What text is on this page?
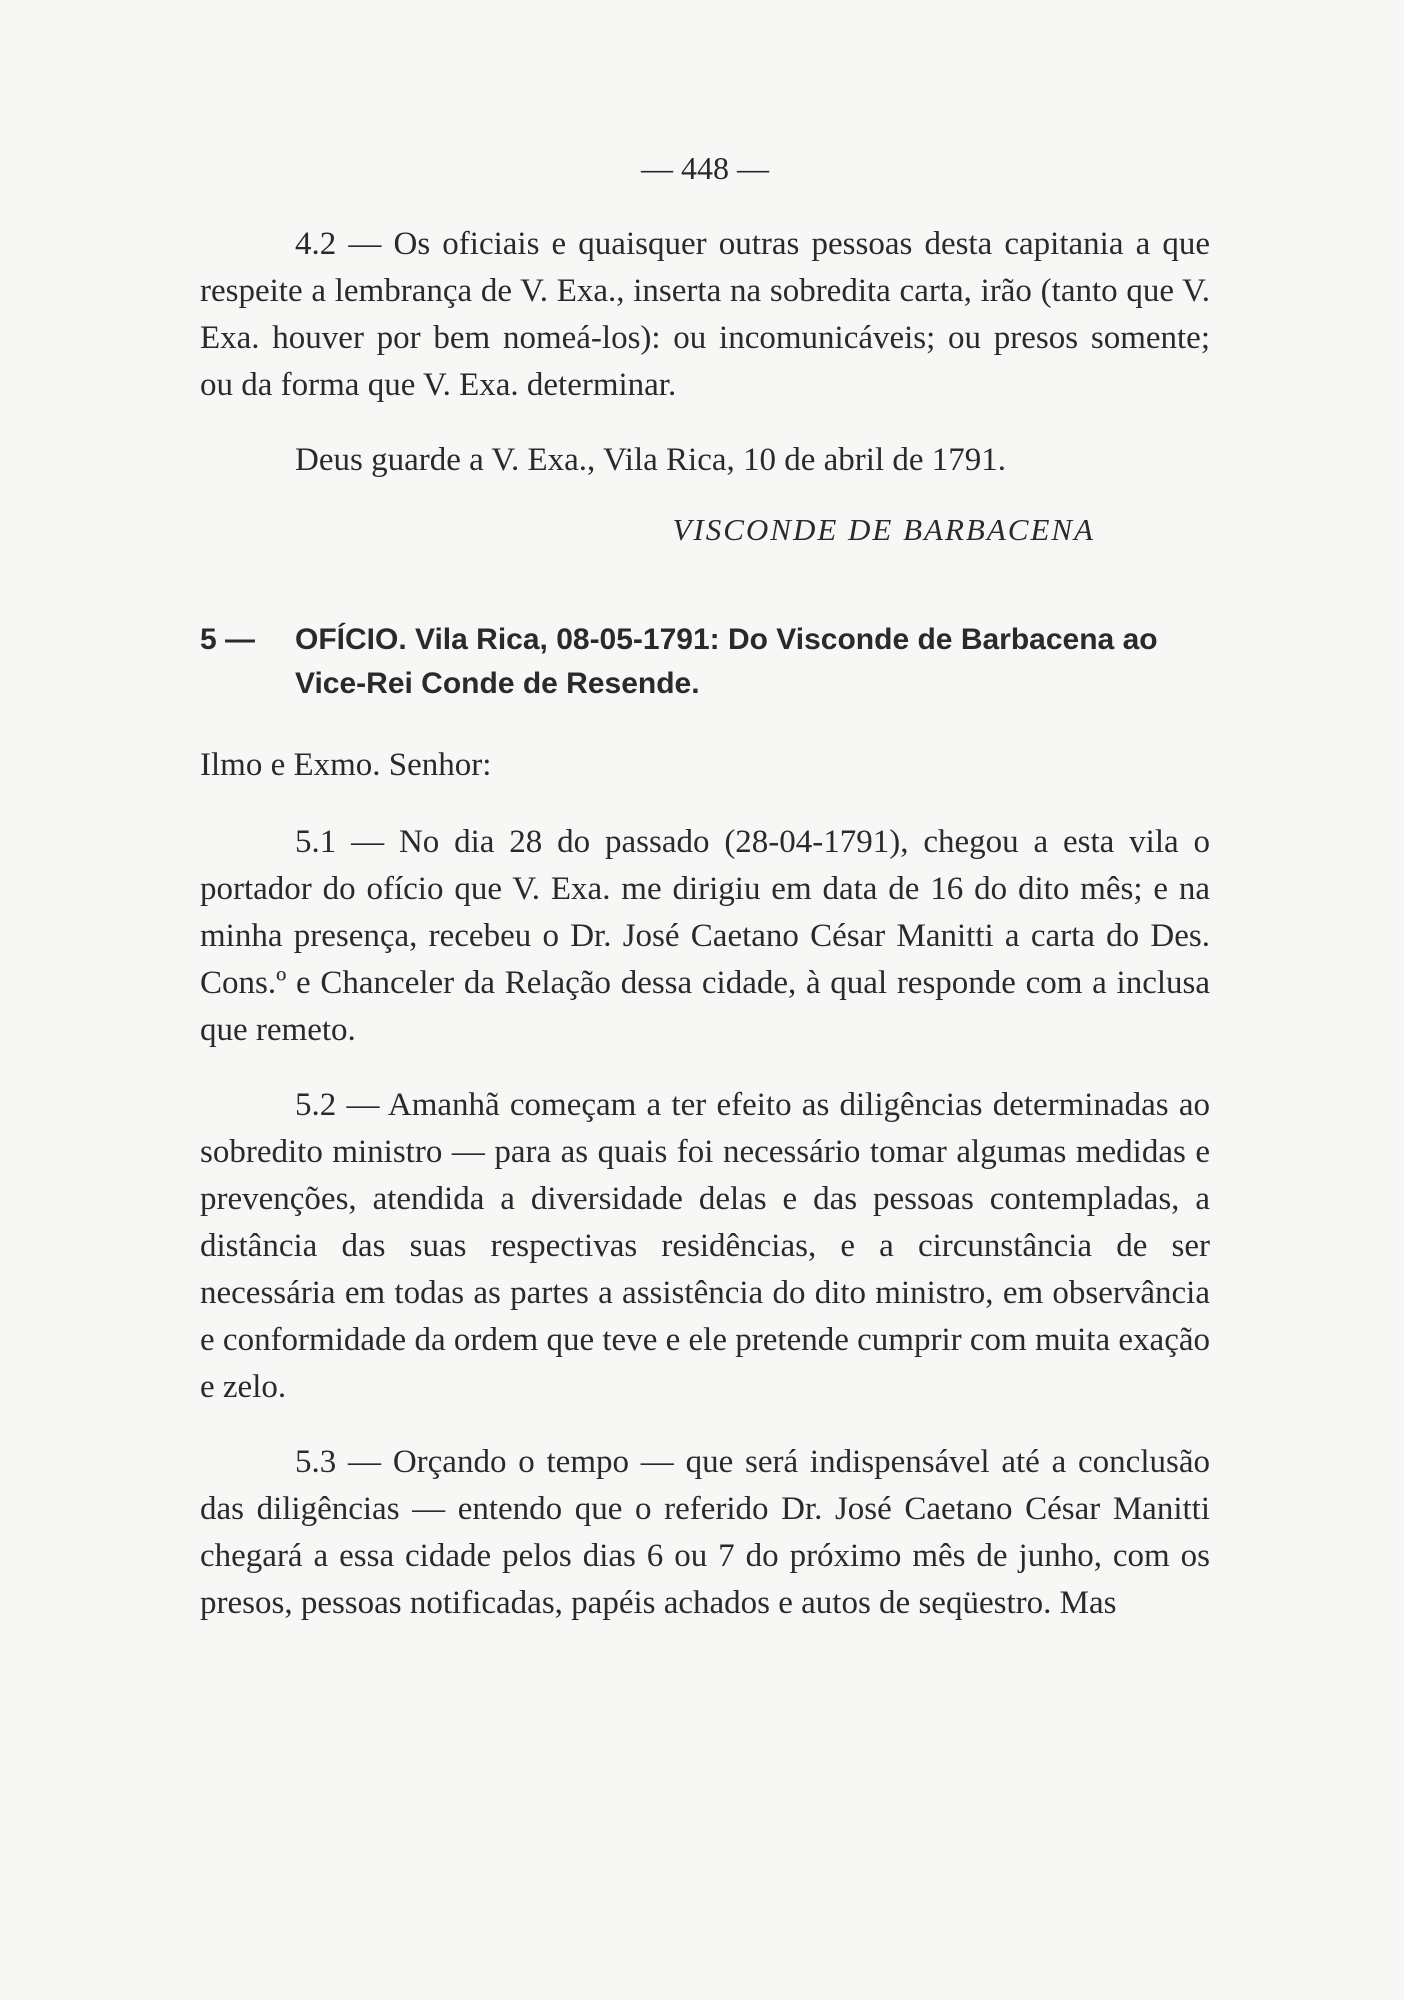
— 448 —

4.2 — Os oficiais e quaisquer outras pessoas desta capitania a que respeite a lembrança de V. Exa., inserta na sobredita carta, irão (tanto que V. Exa. houver por bem nomeá-los): ou incomunicáveis; ou presos somente; ou da forma que V. Exa. determinar.

Deus guarde a V. Exa., Vila Rica, 10 de abril de 1791.

VISCONDE DE BARBACENA
5 — OFÍCIO. Vila Rica, 08-05-1791: Do Visconde de Barbacena ao Vice-Rei Conde de Resende.

Ilmo e Exmo. Senhor:

5.1 — No dia 28 do passado (28-04-1791), chegou a esta vila o portador do ofício que V. Exa. me dirigiu em data de 16 do dito mês; e na minha presença, recebeu o Dr. José Caetano César Manitti a carta do Des. Cons.º e Chanceler da Relação dessa cidade, à qual responde com a inclusa que remeto.

5.2 — Amanhã começam a ter efeito as diligências determinadas ao sobredito ministro — para as quais foi necessário tomar algumas medidas e prevenções, atendida a diversidade delas e das pessoas contempladas, a distância das suas respectivas residências, e a circunstância de ser necessária em todas as partes a assistência do dito ministro, em observância e conformidade da ordem que teve e ele pretende cumprir com muita exação e zelo.

5.3 — Orçando o tempo — que será indispensável até a conclusão das diligências — entendo que o referido Dr. José Caetano César Manitti chegará a essa cidade pelos dias 6 ou 7 do próximo mês de junho, com os presos, pessoas notificadas, papéis achados e autos de seqüestro. Mas
